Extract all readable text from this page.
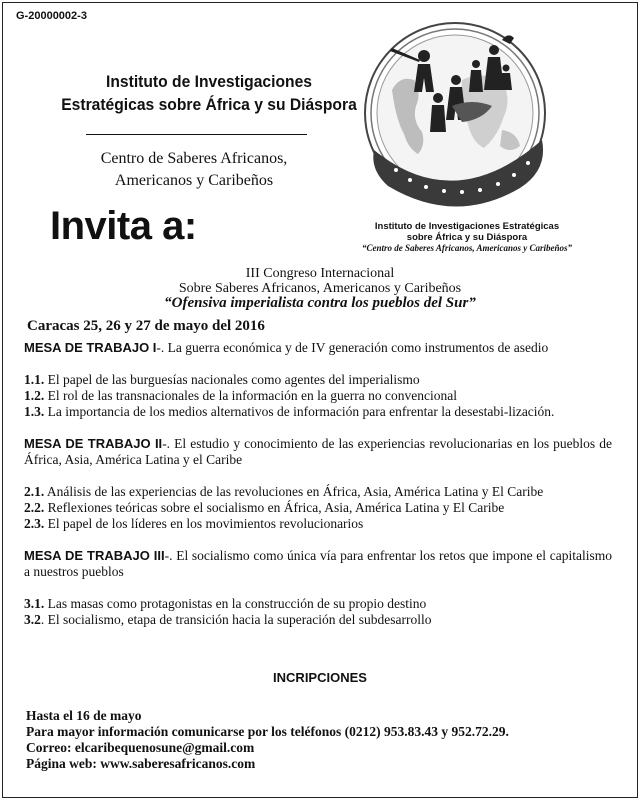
G-20000002-3
Instituto de Investigaciones
Estratégicas sobre África y su Diáspora
Centro de Saberes Africanos,
Americanos y Caribeños
Invita a:	Instituto de Investigaciones Estratégicas
sobre África y su Diáspora
“Centro de Saberes Africanos, Americanos y Caribeños”
III Congreso Internacional
Sobre Saberes Africanos, Americanos y Caribeños
“Ofensiva imperialista contra los pueblos del Sur”
Caracas 25, 26 y 27 de mayo del 2016

MESA DE TRABAJO I-. La guerra económica y de IV generación como instrumentos de asedio

1.1. El papel de las burguesías nacionales como agentes del imperialismo

1.2. El rol de las transnacionales de la información en la guerra no convencional

1.3. La importancia de los medios alternativos de información para enfrentar la desestabi-lización.

MESA DE TRABAJO II-. El estudio y conocimiento de las experiencias revolucionarias en los pueblos de África, Asia, América Latina y el Caribe

2.1. Análisis de las experiencias de las revoluciones en África, Asia, América Latina y El Caribe

2.2. Reflexiones teóricas sobre el socialismo en África, Asia, América Latina y El Caribe

2.3. El papel de los líderes en los movimientos revolucionarios

MESA DE TRABAJO III-. El socialismo como única vía para enfrentar los retos que impone el capitalismo a nuestros pueblos

3.1. Las masas como protagonistas en la construcción de su propio destino

3.2. El socialismo, etapa de transición hacia la superación del subdesarrollo

INCRIPCIONES
Hasta el 16 de mayo
Para mayor información comunicarse por los teléfonos (0212) 953.83.43 y 952.72.29.
Correo: elcaribequenosune@gmail.com
Página web: www.saberesafricanos.com
